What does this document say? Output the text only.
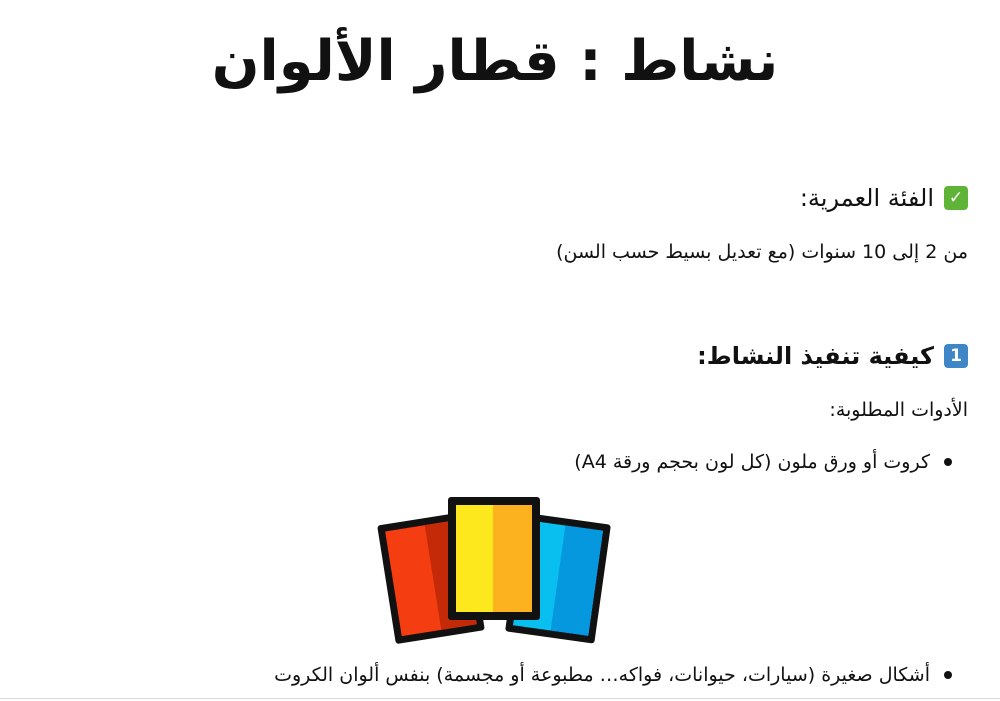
نشاط : قطار الألوان
✓
الفئة العمرية:
من 2 إلى 10 سنوات (مع تعديل بسيط حسب السن)
1
كيفية تنفيذ النشاط:
الأدوات المطلوبة:
كروت أو ورق ملون (كل لون بحجم ورقة A4)
أشكال صغيرة (سيارات، حيوانات، فواكه… مطبوعة أو مجسمة) بنفس ألوان الكروت
